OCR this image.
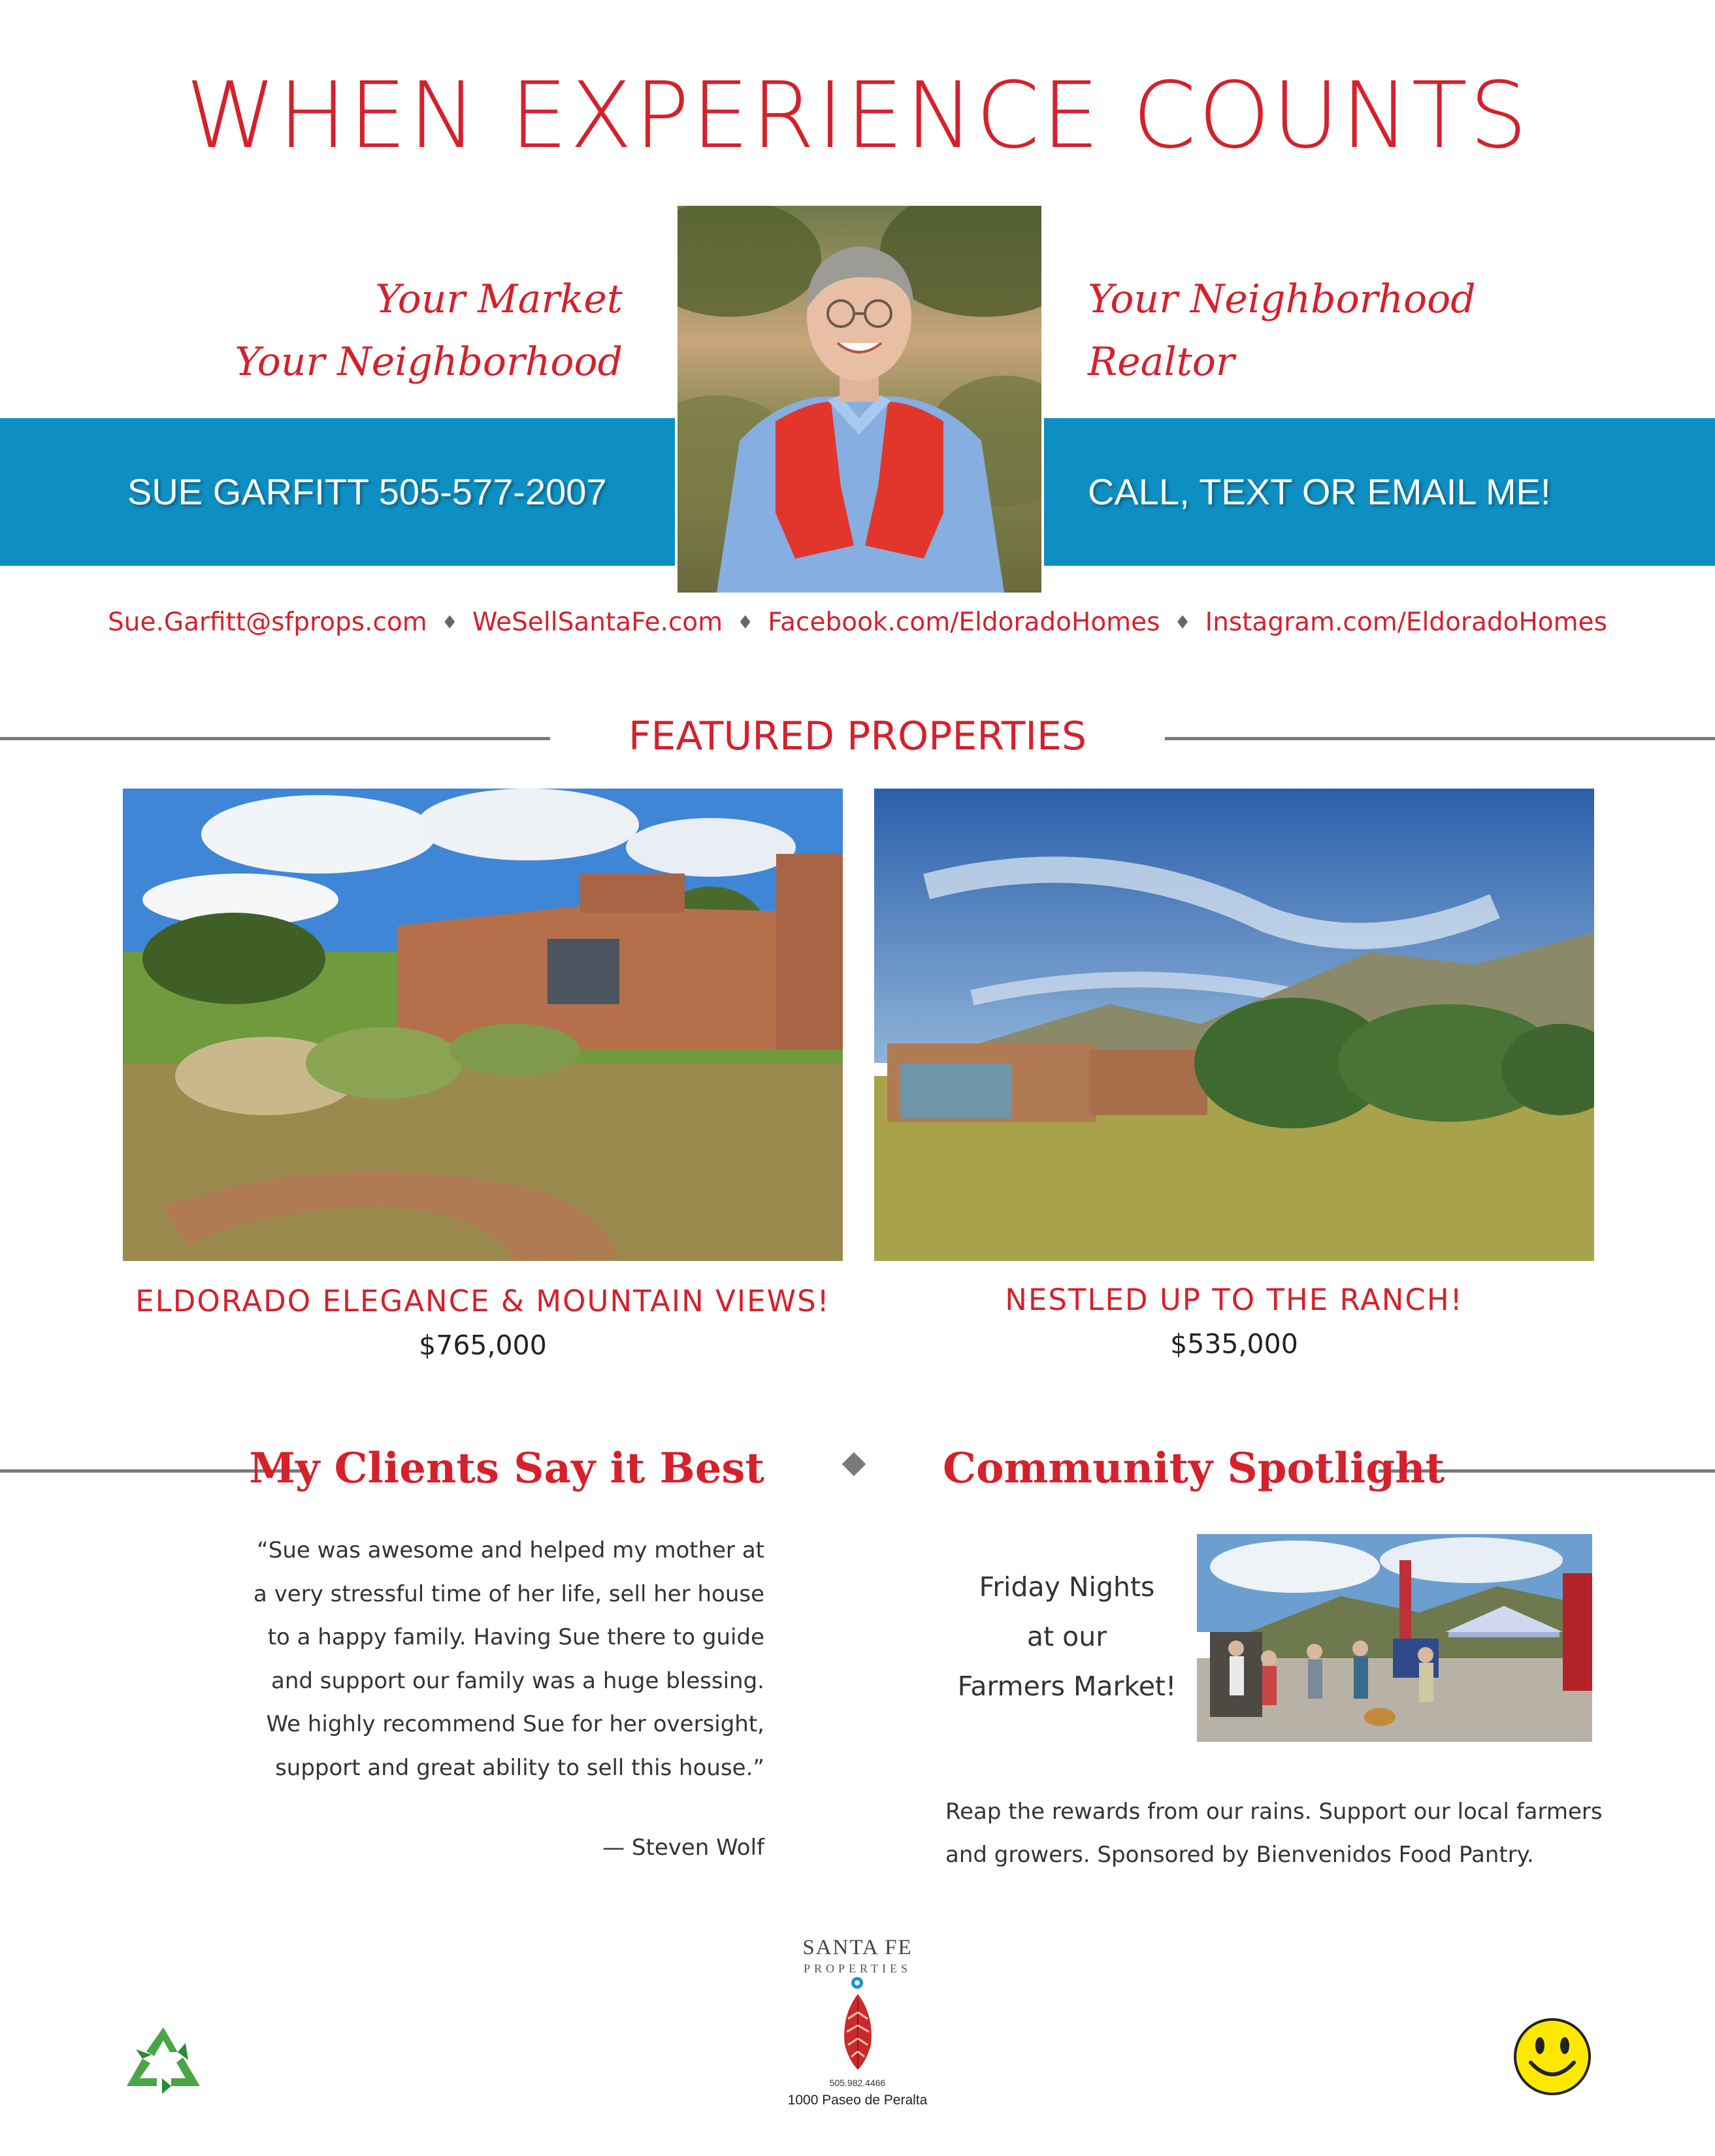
WHEN EXPERIENCE COUNTS
Your Market
Your Neighborhood
Your Neighborhood
Realtor
SUE GARFITT 505-577-2007	CALL, TEXT OR EMAIL ME!
Sue.Garfitt@sfprops.com ♦ WeSellSantaFe.com ♦ Facebook.com/EldoradoHomes ♦ Instagram.com/EldoradoHomes
FEATURED PROPERTIES
ELDORADO ELEGANCE & MOUNTAIN VIEWS!
$765,000
NESTLED UP TO THE RANCH!
$535,000
My Clients Say it Best	Community Spotlight
“Sue was awesome and helped my mother at
a very stressful time of her life, sell her house
to a happy family. Having Sue there to guide
and support our family was a huge blessing.
We highly recommend Sue for her oversight,
support and great ability to sell this house.”
— Steven Wolf
Friday Nights
at our
Farmers Market!
Reap the rewards from our rains. Support our local farmers
and growers. Sponsored by Bienvenidos Food Pantry.
SANTA FE
PROPERTIES
505.982.4466
1000 Paseo de Peralta
